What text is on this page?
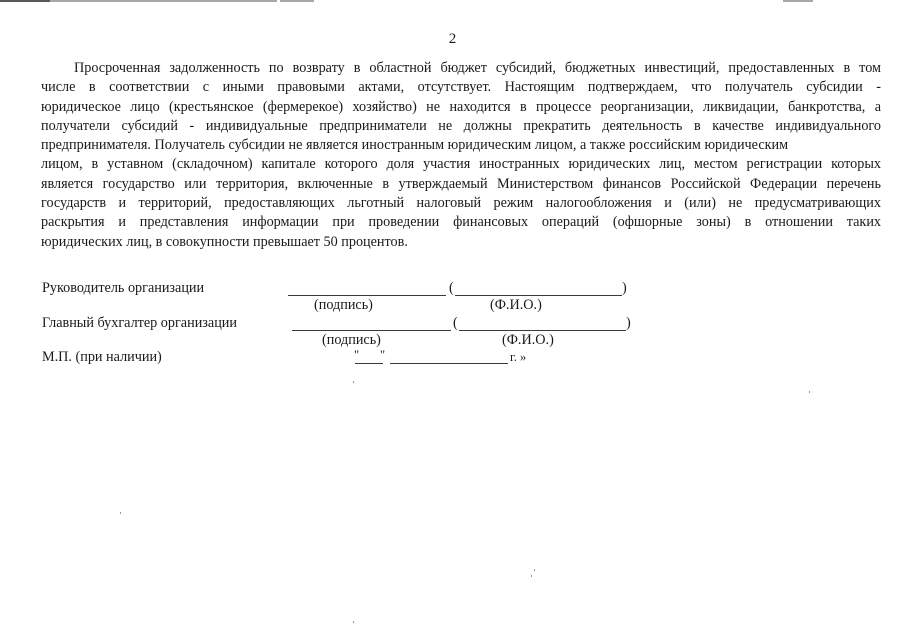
2
Просроченная задолженность по возврату в областной бюджет субсидий, бюджетных инвестиций, предоставленных в том
числе в соответствии с иными правовыми актами, отсутствует. Настоящим подтверждаем, что получатель субсидии -
юридическое лицо (крестьянское (фермерекое) хозяйство) не находится в процессе реорганизации, ликвидации, банкротства, а
получатели субсидий - индивидуальные предприниматели не должны прекратить деятельность в качестве индивидуального
предпринимателя. Получатель субсидии не является иностранным юридическим лицом, а также российским юридическим
лицом, в уставном (складочном) капитале которого доля участия иностранных юридических лиц, местом регистрации которых
является государство или территория, включенные в утверждаемый Министерством финансов Российской Федерации перечень
государств и территорий, предоставляющих льготный налоговый режим налогообложения и (или) не предусматривающих
раскрытия и представления информации при проведении финансовых операций (офшорные зоны) в отношении таких
юридических лиц, в совокупности превышает 50 процентов.
Руководитель организации	(	)
(подпись)	(Ф.И.О.)
Главный бухгалтер организации	(	)
(подпись)	(Ф.И.О.)
М.П. (при наличии)	" "	г. »
